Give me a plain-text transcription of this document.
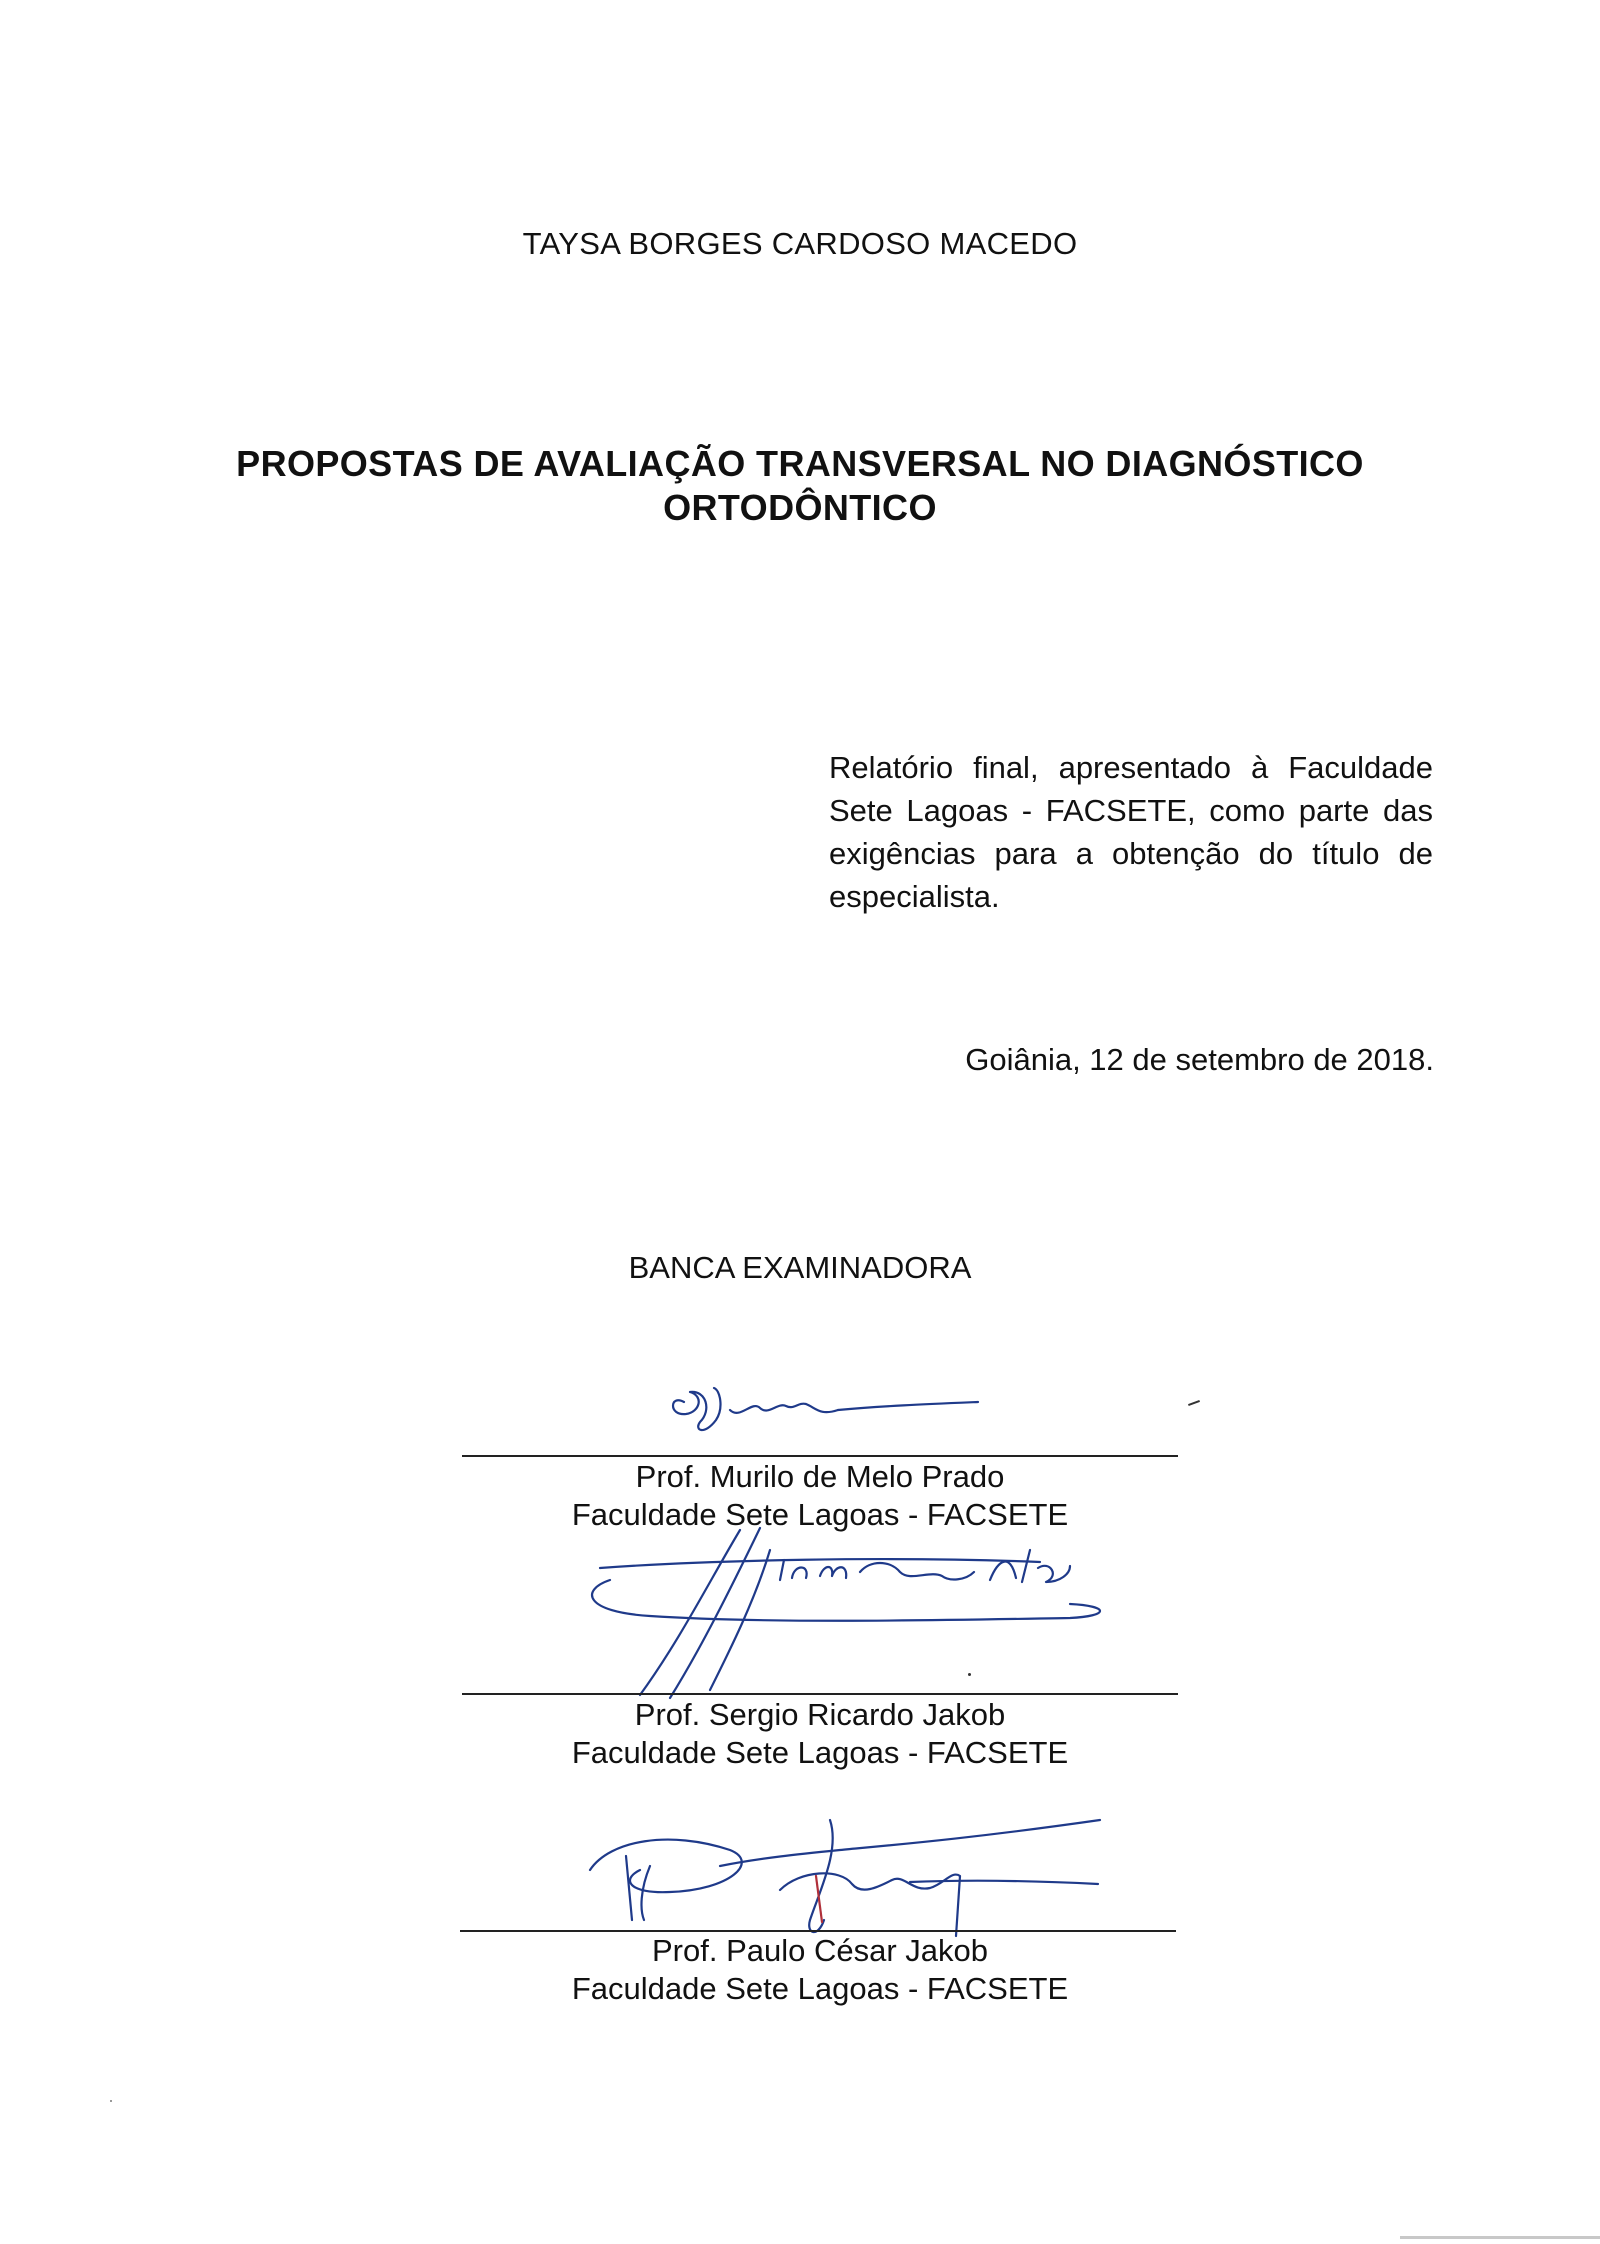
TAYSA BORGES CARDOSO MACEDO
PROPOSTAS DE AVALIAÇÃO TRANSVERSAL NO DIAGNÓSTICO
ORTODÔNTICO
Relatório final, apresentado à Faculdade Sete Lagoas - FACSETE, como parte das exigências para a obtenção do título de especialista.
Goiânia, 12 de setembro de 2018.
BANCA EXAMINADORA
Prof. Murilo de Melo Prado
Faculdade Sete Lagoas - FACSETE
Prof. Sergio Ricardo Jakob
Faculdade Sete Lagoas - FACSETE
Prof. Paulo César Jakob
Faculdade Sete Lagoas - FACSETE
